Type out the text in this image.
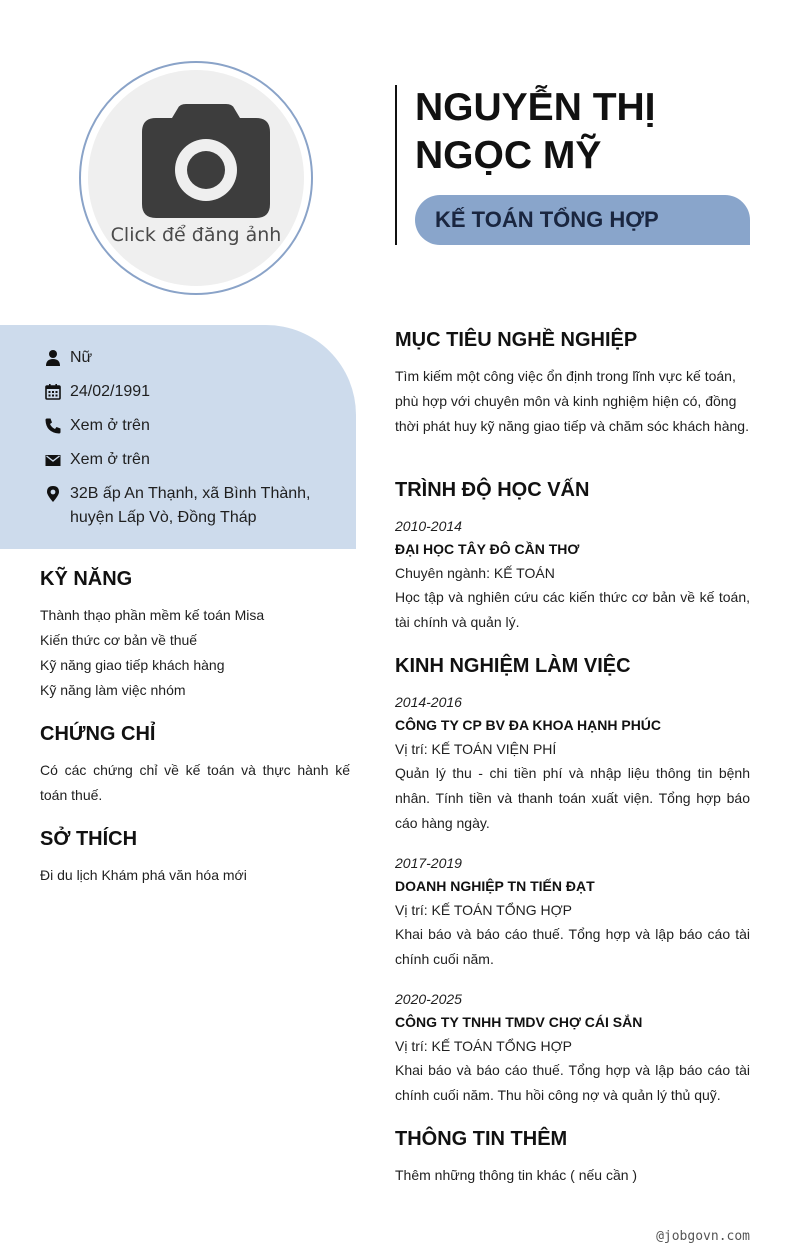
Click để đăng ảnh
NGUYỄN THỊ NGỌC MỸ
KẾ TOÁN TỔNG HỢP
Nữ
24/02/1991
Xem ở trên
Xem ở trên
32B ấp An Thạnh, xã Bình Thành, huyện Lấp Vò, Đồng Tháp
KỸ NĂNG
Thành thạo phần mềm kế toán Misa
Kiến thức cơ bản về thuế
Kỹ năng giao tiếp khách hàng
Kỹ năng làm việc nhóm
CHỨNG CHỈ
Có các chứng chỉ về kế toán và thực hành kế toán thuế.
SỞ THÍCH
Đi du lịch Khám phá văn hóa mới
MỤC TIÊU NGHỀ NGHIỆP
Tìm kiếm một công việc ổn định trong lĩnh vực kế toán, phù hợp với chuyên môn và kinh nghiệm hiện có, đồng thời phát huy kỹ năng giao tiếp và chăm sóc khách hàng.
TRÌNH ĐỘ HỌC VẤN
2010-2014
ĐẠI HỌC TÂY ĐÔ CẦN THƠ
Chuyên ngành: KẾ TOÁN
Học tập và nghiên cứu các kiến thức cơ bản về kế toán, tài chính và quản lý.
KINH NGHIỆM LÀM VIỆC
2014-2016
CÔNG TY CP BV ĐA KHOA HẠNH PHÚC
Vị trí: KẾ TOÁN VIỆN PHÍ
Quản lý thu - chi tiền phí và nhập liệu thông tin bệnh nhân. Tính tiền và thanh toán xuất viện. Tổng hợp báo cáo hàng ngày.
2017-2019
DOANH NGHIỆP TN TIẾN ĐẠT
Vị trí: KẾ TOÁN TỔNG HỢP
Khai báo và báo cáo thuế. Tổng hợp và lập báo cáo tài chính cuối năm.
2020-2025
CÔNG TY TNHH TMDV CHỢ CÁI SẮN
Vị trí: KẾ TOÁN TỔNG HỢP
Khai báo và báo cáo thuế. Tổng hợp và lập báo cáo tài chính cuối năm. Thu hồi công nợ và quản lý thủ quỹ.
THÔNG TIN THÊM
Thêm những thông tin khác ( nếu cần )
@jobgovn.com
